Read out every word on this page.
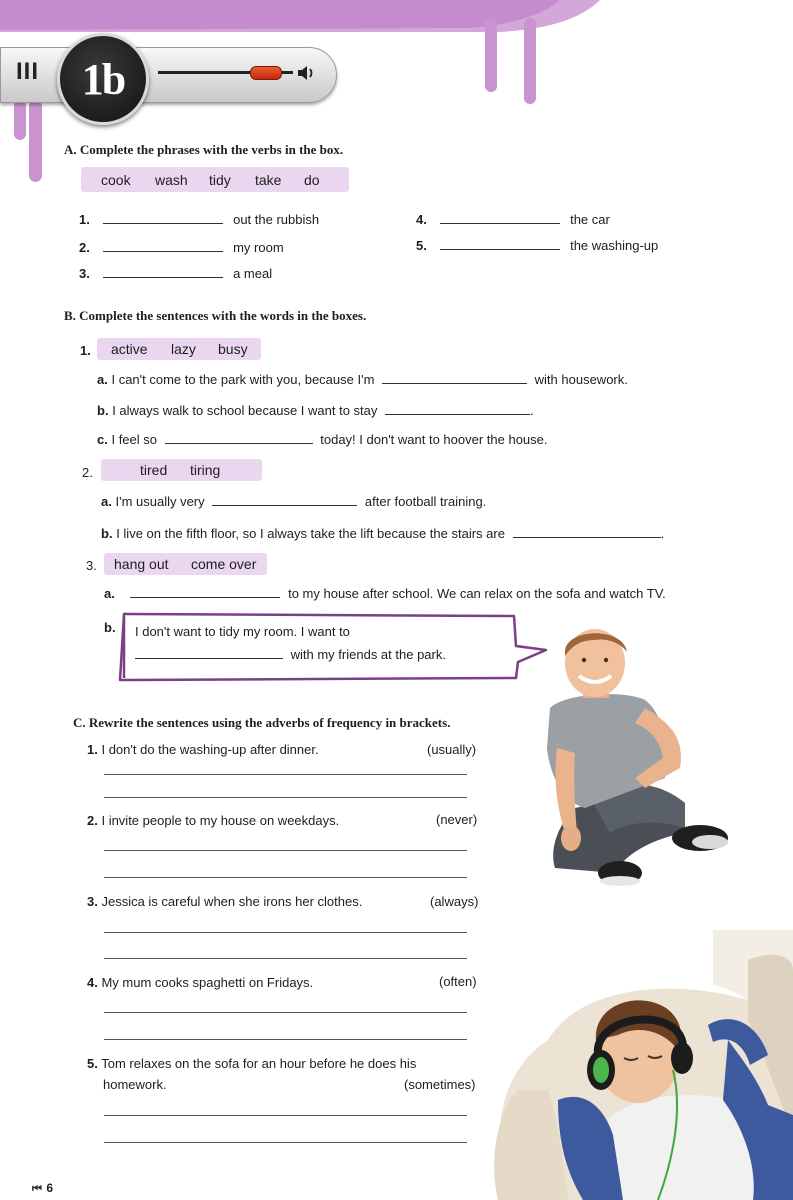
III 1b
A. Complete the phrases with the verbs in the box.
cook wash tidy take do
1.	out the rubbish
2.	my room
3.	a meal
4.	the car
5.	the washing-up
B. Complete the sentences with the words in the boxes.
1. active lazy busy
a. I can't come to the park with you, because I'm	with housework.
b. I always walk to school because I want to stay	.
c. I feel so	today! I don't want to hoover the house.
2.	tired tiring
a. I'm usually very	after football training.
b. I live on the fifth floor, so I always take the lift because the stairs are	.
3. hang out come over
a.	to my house after school. We can relax on the sofa and watch TV.
b. I don't want to tidy my room. I want to
with my friends at the park.
C. Rewrite the sentences using the adverbs of frequency in brackets.
1. I don't do the washing-up after dinner.	(usually)
2. I invite people to my house on weekdays.	(never)
3. Jessica is careful when she irons her clothes.	(always)
4. My mum cooks spaghetti on Fridays.	(often)
5. Tom relaxes on the sofa for an hour before he does his
homework.	(sometimes)
⏮ 6
